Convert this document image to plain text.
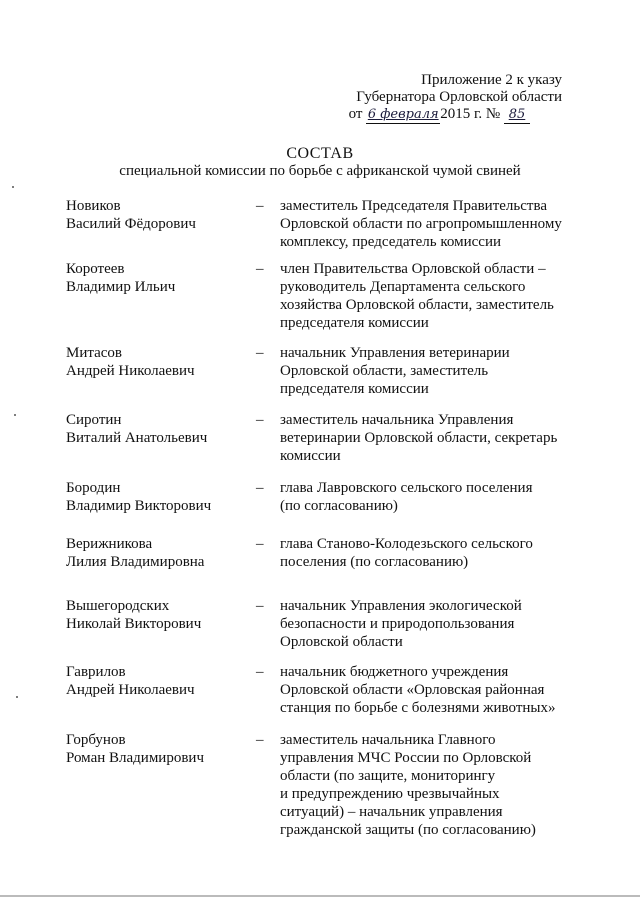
Приложение 2 к указу
Губернатора Орловской области
от 6 февраля 2015 г. № 85
СОСТАВ
специальной комиссии по борьбе с африканской чумой свиней
Новиков
Василий Фёдорович
–	заместитель Председателя Правительства
Орловской области по агропромышленному
комплексу, председатель комиссии
Коротеев
Владимир Ильич
–	член Правительства Орловской области –
руководитель Департамента сельского
хозяйства Орловской области, заместитель
председателя комиссии
Митасов
Андрей Николаевич
–	начальник Управления ветеринарии
Орловской области, заместитель
председателя комиссии
Сиротин
Виталий Анатольевич
–	заместитель начальника Управления
ветеринарии Орловской области, секретарь
комиссии
Бородин
Владимир Викторович
–	глава Лавровского сельского поселения
(по согласованию)
Верижникова
Лилия Владимировна
–	глава Станово-Колодезьского сельского
поселения (по согласованию)
Вышегородских
Николай Викторович
–	начальник Управления экологической
безопасности и природопользования
Орловской области
Гаврилов
Андрей Николаевич
–	начальник бюджетного учреждения
Орловской области «Орловская районная
станция по борьбе с болезнями животных»
Горбунов
Роман Владимирович
–	заместитель начальника Главного
управления МЧС России по Орловской
области (по защите, мониторингу
и предупреждению чрезвычайных
ситуаций) – начальник управления
гражданской защиты (по согласованию)
